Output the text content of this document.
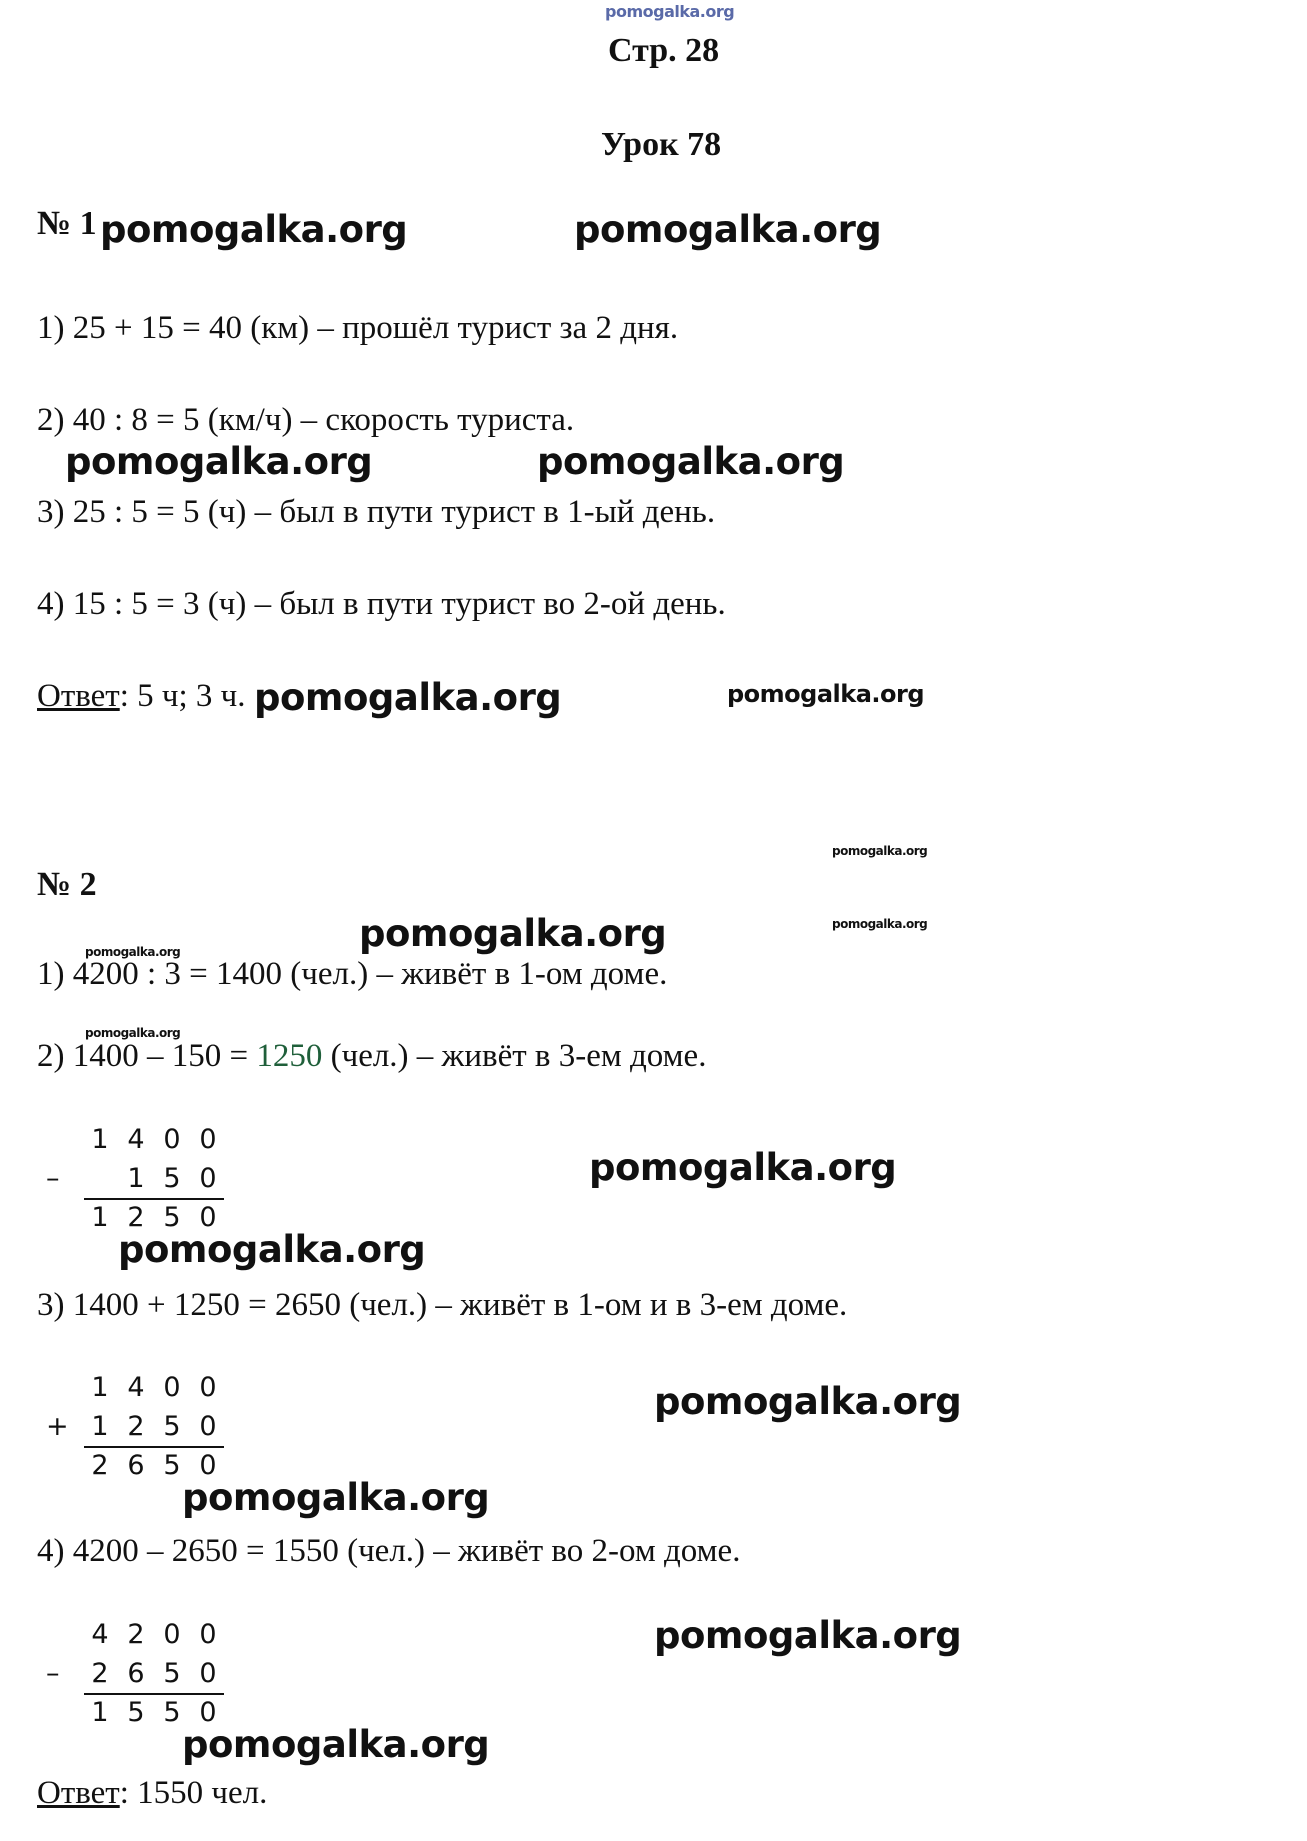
pomogalka.org
Стр. 28
Урок 78
№ 1
1) 25 + 15 = 40 (км) – прошёл турист за 2 дня.
2) 40 : 8 = 5 (км/ч) – скорость туриста.
3) 25 : 5 = 5 (ч) – был в пути турист в 1-ый день.
4) 15 : 5 = 3 (ч) – был в пути турист во 2-ой день.
Ответ: 5 ч; 3 ч.
№ 2
1) 4200 : 3 = 1400 (чел.) – живёт в 1-ом доме.
2) 1400 – 150 = 1250 (чел.) – живёт в 3-ем доме.
1 4 0 0
–	1 5 0
1 2 5 0
3) 1400 + 1250 = 2650 (чел.) – живёт в 1-ом и в 3-ем доме.
1 4 0 0
+ 1 2 5 0
2 6 5 0
4) 4200 – 2650 = 1550 (чел.) – живёт во 2-ом доме.
4 2 0 0
–	2 6 5 0
1 5 5 0
Ответ: 1550 чел.
pomogalka.org	pomogalka.org
pomogalka.org	pomogalka.org
pomogalka.org	pomogalka.org
pomogalka.org
pomogalka.org
pomogalka.org
pomogalka.org
pomogalka.org
pomogalka.org
pomogalka.org
pomogalka.org
pomogalka.org
pomogalka.org
pomogalka.org
